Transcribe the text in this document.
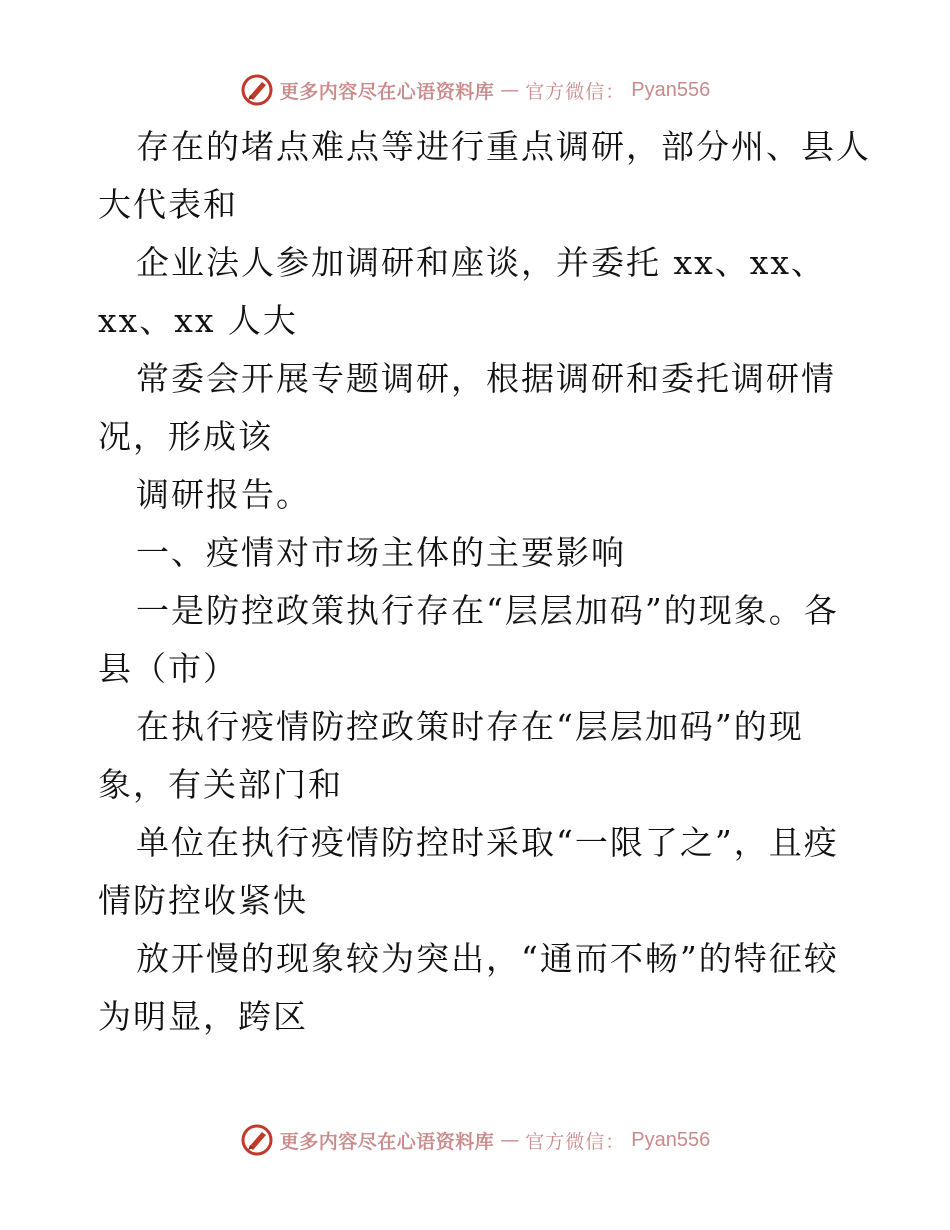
更多内容尽在心语资料库 — 官方微信： Pyan556
存在的堵点难点等进行重点调研，部分州、县人
大代表和
企业法人参加调研和座谈，并委托 xx、xx、
xx、xx 人大
常委会开展专题调研，根据调研和委托调研情
况，形成该
调研报告。
一、疫情对市场主体的主要影响
一是防控政策执行存在“层层加码”的现象。各
县（市）
在执行疫情防控政策时存在“层层加码”的现
象，有关部门和
单位在执行疫情防控时采取“一限了之”，且疫
情防控收紧快
放开慢的现象较为突出，“通而不畅”的特征较
为明显，跨区
更多内容尽在心语资料库 — 官方微信： Pyan556
